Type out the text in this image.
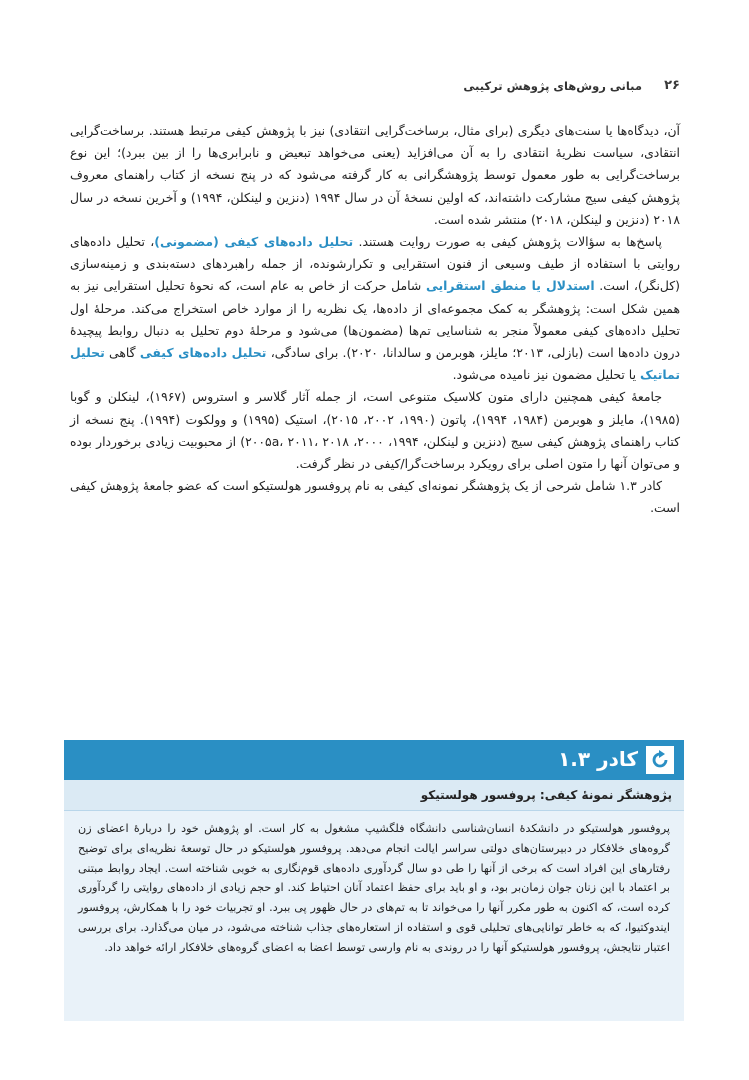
۲۶
مبانی روش‌های پژوهش ترکیبی

آن، دیدگاه‌ها یا سنت‌های دیگری (برای مثال، برساخت‌گرایی انتقادی) نیز با پژوهش کیفی مرتبط هستند. برساخت‌گرایی انتقادی، سیاست نظریهٔ انتقادی را به آن می‌افزاید (یعنی می‌خواهد تبعیض و نابرابری‌ها را از بین ببرد)؛ این نوع برساخت‌گرایی به طور معمول توسط پژوهشگرانی به کار گرفته می‌شود که در پنج نسخه از کتاب راهنمای معروف پژوهش کیفی سیج مشارکت داشته‌اند، که اولین نسخهٔ آن در سال ۱۹۹۴ (دنزین و لینکلن، ۱۹۹۴) و آخرین نسخه در سال ۲۰۱۸ (دنزین و لینکلن، ۲۰۱۸) منتشر شده است.

پاسخ‌ها به سؤالات پژوهش کیفی به صورت روایت هستند. تحلیل داده‌های کیفی (مضمونی)، تحلیل داده‌های روایتی با استفاده از طیف وسیعی از فنون استقرایی و تکرارشونده، از جمله راهبردهای دسته‌بندی و زمینه‌سازی (کل‌نگر)، است. استدلال یا منطق استقرایی شامل حرکت از خاص به عام است، که نحوهٔ تحلیل استقرایی نیز به همین شکل است: پژوهشگر به کمک مجموعه‌ای از داده‌ها، یک نظریه را از موارد خاص استخراج می‌کند. مرحلهٔ اول تحلیل داده‌های کیفی معمولاً منجر به شناسایی تم‌ها (مضمون‌ها) می‌شود و مرحلهٔ دوم تحلیل به دنبال روابط پیچیدهٔ درون داده‌ها است (بازلی، ۲۰۱۳؛ مایلز، هوبرمن و سالدانا، ۲۰۲۰). برای سادگی، تحلیل داده‌های کیفی گاهی تحلیل تماتیک یا تحلیل مضمون نیز نامیده می‌شود.

جامعهٔ کیفی همچنین دارای متون کلاسیک متنوعی است، از جمله آثار گلاسر و استروس (۱۹۶۷)، لینکلن و گوبا (۱۹۸۵)، مایلز و هوبرمن (۱۹۸۴، ۱۹۹۴)، پاتون (۱۹۹۰، ۲۰۰۲، ۲۰۱۵)، استیک (۱۹۹۵) و وولکوت (۱۹۹۴). پنج نسخه از کتاب راهنمای پژوهش کیفی سیج (دنزین و لینکلن، ۱۹۹۴، ۲۰۰۰، ۲۰۰۵a، ۲۰۱۱، ۲۰۱۸) از محبوبیت زیادی برخوردار بوده و می‌توان آنها را متون اصلی برای رویکرد برساخت‌گرا/کیفی در نظر گرفت.

کادر ۱.۳ شامل شرحی از یک پژوهشگر نمونه‌ای کیفی به نام پروفسور هولستیکو است که عضو جامعهٔ پژوهش کیفی است.

کادر ۱.۳
پژوهشگر نمونهٔ کیفی: پروفسور هولستیکو
پروفسور هولستیکو در دانشکدهٔ انسان‌شناسی دانشگاه فلگشیپ مشغول به کار است. او پژوهش خود را دربارهٔ اعضای زن گروه‌های خلافکار در دبیرستان‌های دولتی سراسر ایالت انجام می‌دهد. پروفسور هولستیکو در حال توسعهٔ نظریه‌ای برای توضیح رفتارهای این افراد است که برخی از آنها را طی دو سال گردآوری داده‌های قوم‌نگاری به خوبی شناخته است. ایجاد روابط مبتنی بر اعتماد با این زنان جوان زمان‌بر بود، و او باید برای حفظ اعتماد آنان احتیاط کند. او حجم زیادی از داده‌های روایتی را گردآوری کرده است، که اکنون به طور مکرر آنها را می‌خواند تا به تم‌های در حال ظهور پی ببرد. او تجربیات خود را با همکارش، پروفسور ایندوکتیوا، که به خاطر توانایی‌های تحلیلی قوی و استفاده از استعاره‌های جذاب شناخته می‌شود، در میان می‌گذارد. برای بررسی اعتبار نتایجش، پروفسور هولستیکو آنها را در روندی به نام وارسی توسط اعضا به اعضای گروه‌های خلافکار ارائه خواهد داد.
